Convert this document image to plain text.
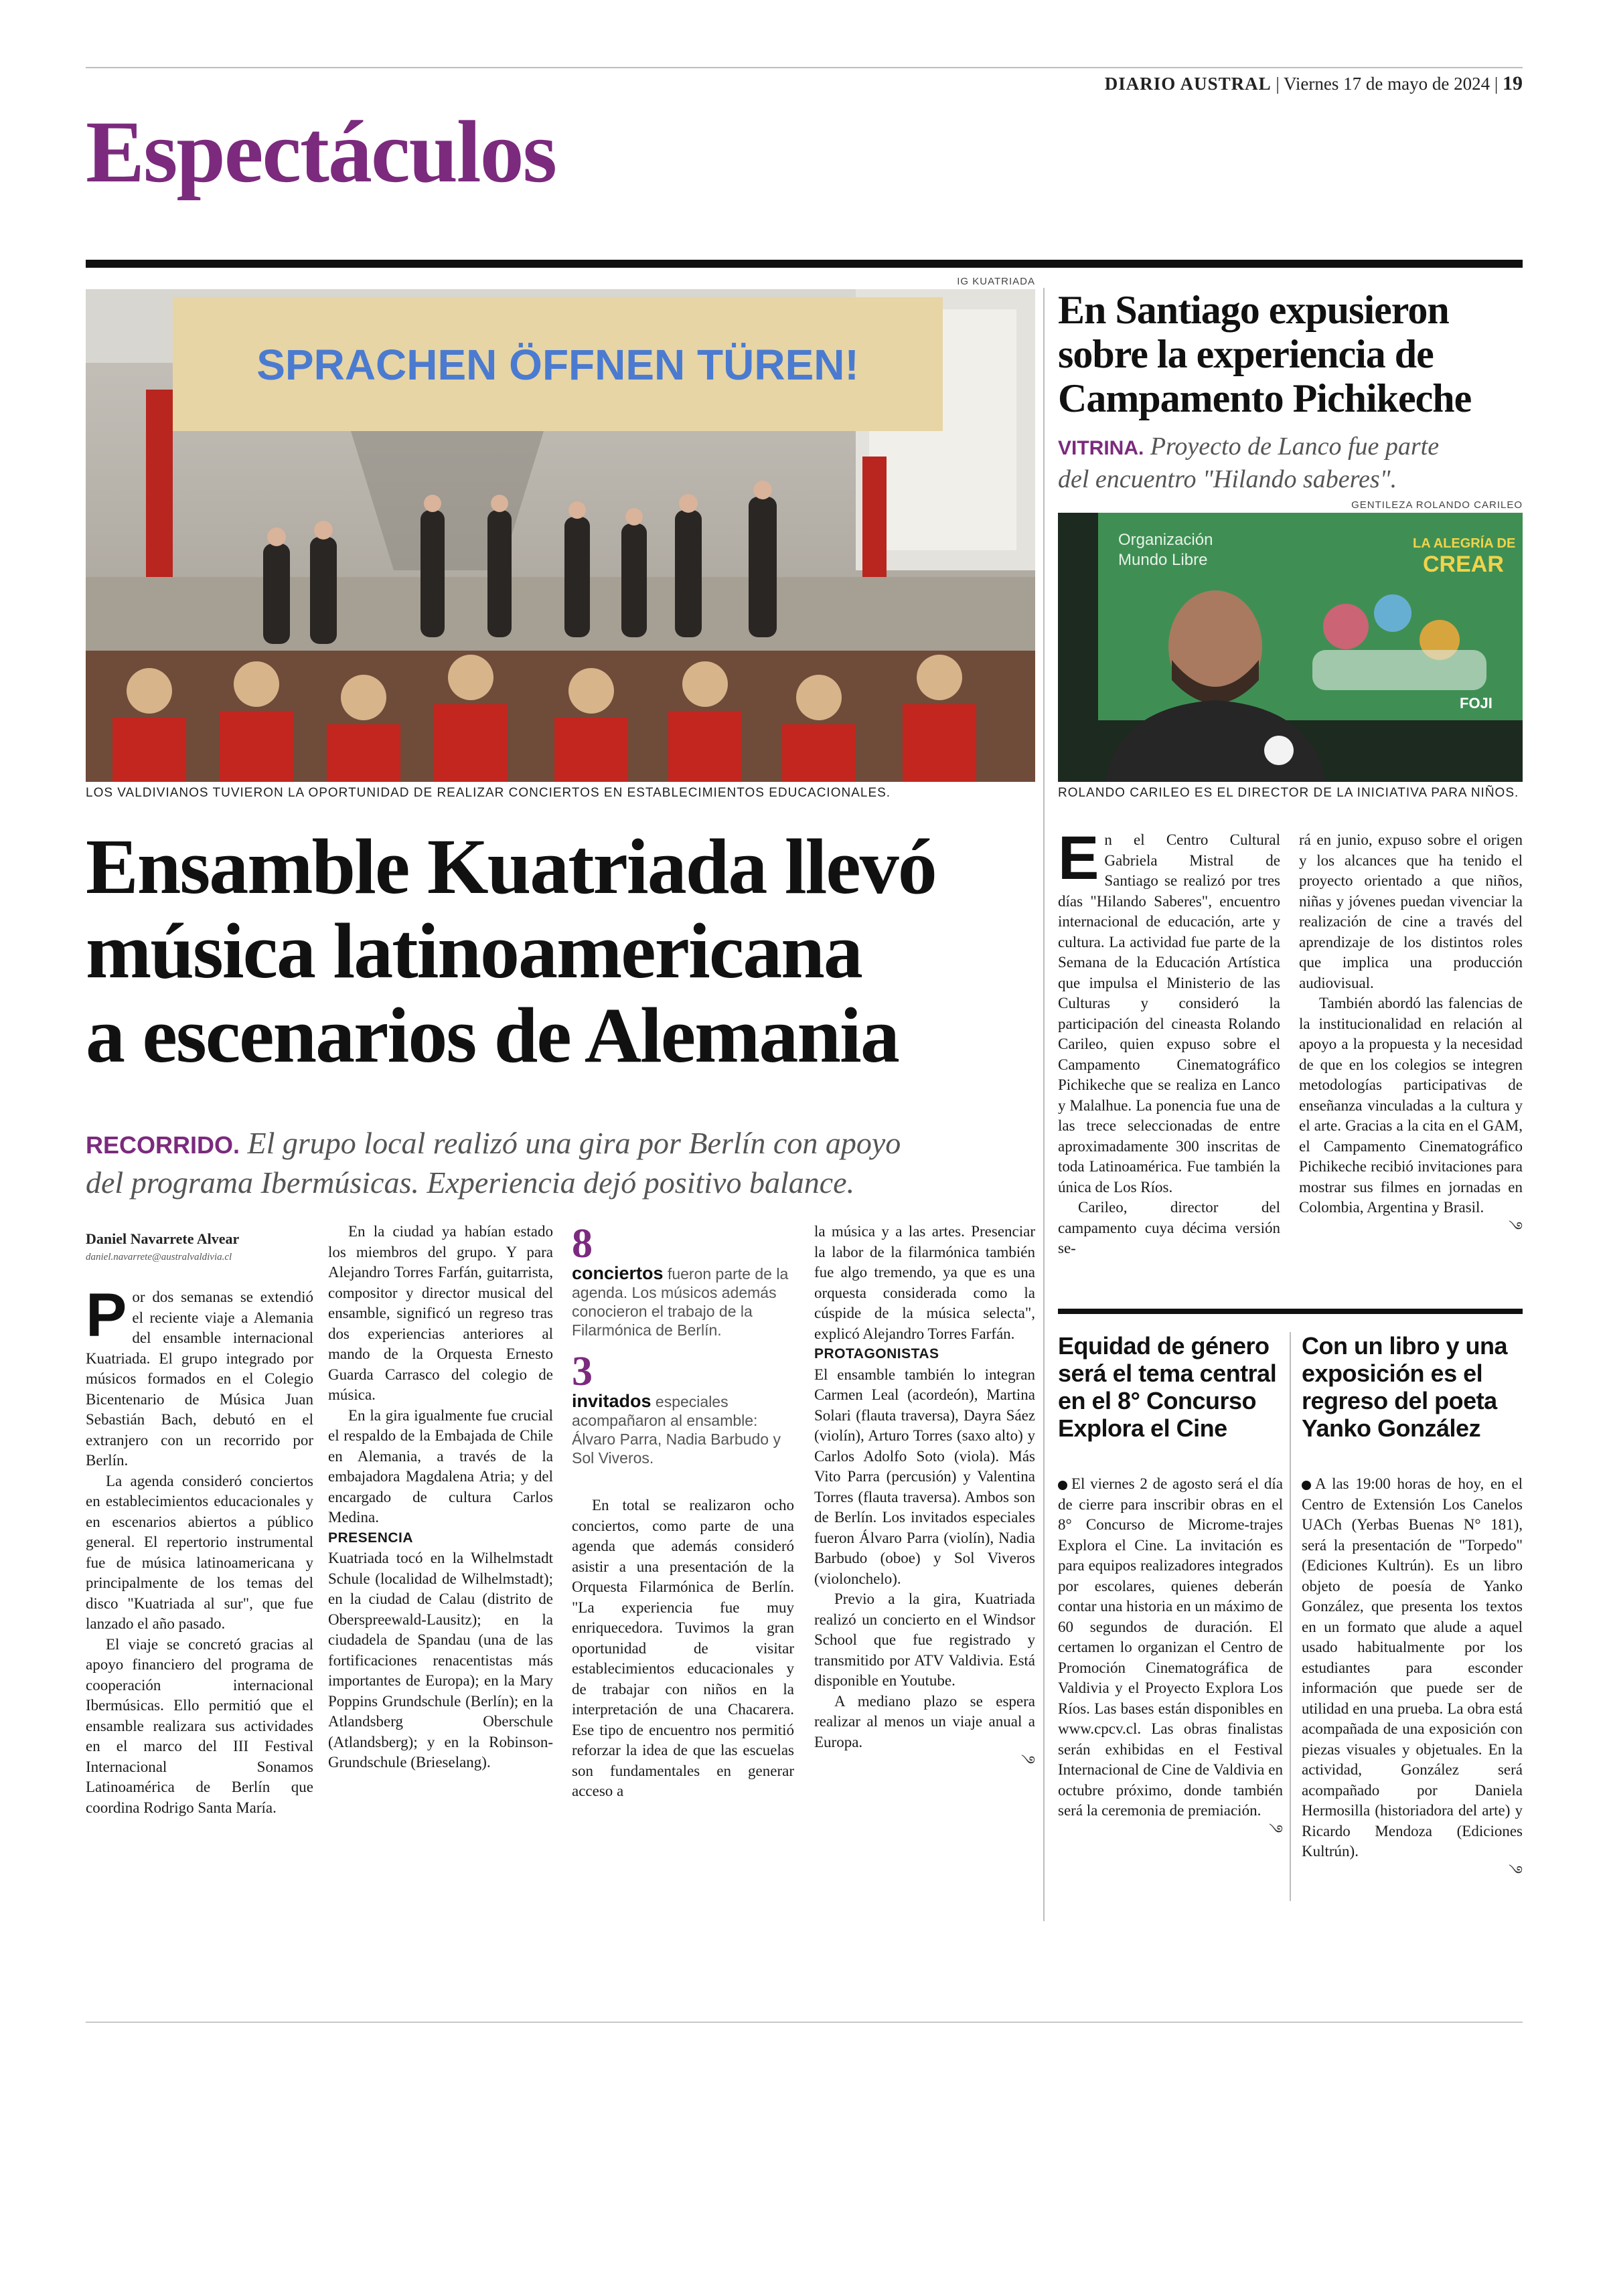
DIARIO AUSTRAL | Viernes 17 de mayo de 2024 | 19
Espectáculos
IG KUATRIADA
SPRACHEN ÖFFNEN TÜREN!
LOS VALDIVIANOS TUVIERON LA OPORTUNIDAD DE REALIZAR CONCIERTOS EN ESTABLECIMIENTOS EDUCACIONALES.
Ensamble Kuatriada llevó
música latinoamericana
a escenarios de Alemania
RECORRIDO. El grupo local realizó una gira por Berlín con apoyo
del programa Ibermúsicas. Experiencia dejó positivo balance.
Daniel Navarrete Alvear
daniel.navarrete@australvaldivia.cl

Por dos semanas se extendió el reciente viaje a Alemania del ensamble internacional Kuatriada. El grupo integrado por músicos formados en el Colegio Bicentenario de Música Juan Sebastián Bach, debutó en el extranjero con un recorrido por Berlín.

La agenda consideró conciertos en establecimientos educacionales y en escenarios abiertos a público general. El repertorio instrumental fue de música latinoamericana y principalmente de los temas del disco "Kuatriada al sur", que fue lanzado el año pasado.

El viaje se concretó gracias al apoyo financiero del programa de cooperación internacional Ibermúsicas. Ello permitió que el ensamble realizara sus actividades en el marco del III Festival Internacional Sonamos Latinoamérica de Berlín que coordina Rodrigo Santa María.

En la ciudad ya habían estado los miembros del grupo. Y para Alejandro Torres Farfán, guitarrista, compositor y director musical del ensamble, significó un regreso tras dos experiencias anteriores al mando de la Orquesta Ernesto Guarda Carrasco del colegio de música.

En la gira igualmente fue crucial el respaldo de la Embajada de Chile en Alemania, a través de la embajadora Magdalena Atria; y del encargado de cultura Carlos Medina.

PRESENCIA

Kuatriada tocó en la Wilhelmstadt Schule (localidad de Wilhelmstadt); en la ciudad de Calau (distrito de Oberspreewald-Lausitz); en la ciudadela de Spandau (una de las fortificaciones renacentistas más importantes de Europa); en la Mary Poppins Grundschule (Berlín); en la Atlandsberg Oberschule (Atlandsberg); y en la Robinson-Grundschule (Brieselang).

8
conciertos fueron parte de la agenda. Los músicos además conocieron el trabajo de la Filarmónica de Berlín.
3
invitados especiales acompañaron al ensamble: Álvaro Parra, Nadia Barbudo y Sol Viveros.

En total se realizaron ocho conciertos, como parte de una agenda que además consideró asistir a una presentación de la Orquesta Filarmónica de Berlín. "La experiencia fue muy enriquecedora. Tuvimos la gran oportunidad de visitar establecimientos educacionales y de trabajar con niños en la interpretación de una Chacarera. Ese tipo de encuentro nos permitió reforzar la idea de que las escuelas son fundamentales en generar acceso a

la música y a las artes. Presenciar la labor de la filarmónica también fue algo tremendo, ya que es una orquesta considerada como la cúspide de la música selecta", explicó Alejandro Torres Farfán.

PROTAGONISTAS

El ensamble también lo integran Carmen Leal (acordeón), Martina Solari (flauta traversa), Dayra Sáez (violín), Arturo Torres (saxo alto) y Carlos Adolfo Soto (viola). Más Vito Parra (percusión) y Valentina Torres (flauta traversa). Ambos son de Berlín. Los invitados especiales fueron Álvaro Parra (violín), Nadia Barbudo (oboe) y Sol Viveros (violonchelo).

Previo a la gira, Kuatriada realizó un concierto en el Windsor School que fue registrado y transmitido por ATV Valdivia. Está disponible en Youtube.

A mediano plazo se espera realizar al menos un viaje anual a Europa.

࿓
En Santiago expusieron
sobre la experiencia de
Campamento Pichikeche
VITRINA. Proyecto de Lanco fue parte
del encuentro "Hilando saberes".
GENTILEZA ROLANDO CARILEO
Organización
Mundo Libre
LA ALEGRÍA DE
CREAR
FOJI
ROLANDO CARILEO ES EL DIRECTOR DE LA INICIATIVA PARA NIÑOS.

En el Centro Cultural Gabriela Mistral de Santiago se realizó por tres días "Hilando Saberes", encuentro internacional de educación, arte y cultura. La actividad fue parte de la Semana de la Educación Artística que impulsa el Ministerio de las Culturas y consideró la participación del cineasta Rolando Carileo, quien expuso sobre el Campamento Cinematográfico Pichikeche que se realiza en Lanco y Malalhue. La ponencia fue una de las trece seleccionadas de entre aproximadamente 300 inscritas de toda Latinoamérica. Fue también la única de Los Ríos.

Carileo, director del campamento cuya décima versión se-

rá en junio, expuso sobre el origen y los alcances que ha tenido el proyecto orientado a que niños, niñas y jóvenes puedan vivenciar la realización de cine a través del aprendizaje de los distintos roles que implica una producción audiovisual.

También abordó las falencias de la institucionalidad en relación al apoyo a la propuesta y la necesidad de que en los colegios se integren metodologías participativas de enseñanza vinculadas a la cultura y el arte. Gracias a la cita en el GAM, el Campamento Cinematográfico Pichikeche recibió invitaciones para mostrar sus filmes en jornadas en Colombia, Argentina y Brasil.

࿓
Equidad de género
será el tema central
en el 8° Concurso
Explora el Cine

El viernes 2 de agosto será el día de cierre para inscribir obras en el 8° Concurso de Microme-trajes Explora el Cine. La invitación es para equipos realizadores integrados por escolares, quienes deberán contar una historia en un máximo de 60 segundos de duración. El certamen lo organizan el Centro de Promoción Cinematográfica de Valdivia y el Proyecto Explora Los Ríos. Las bases están disponibles en www.cpcv.cl. Las obras finalistas serán exhibidas en el Festival Internacional de Cine de Valdivia en octubre próximo, donde también será la ceremonia de premiación.

࿓
Con un libro y una
exposición es el
regreso del poeta
Yanko González

A las 19:00 horas de hoy, en el Centro de Extensión Los Canelos UACh (Yerbas Buenas N° 181), será la presentación de "Torpedo" (Ediciones Kultrún). Es un libro objeto de poesía de Yanko González, que presenta los textos en un formato que alude a aquel usado habitualmente por los estudiantes para esconder información que puede ser de utilidad en una prueba. La obra está acompañada de una exposición con piezas visuales y objetuales. En la actividad, González será acompañado por Daniela Hermosilla (historiadora del arte) y Ricardo Mendoza (Ediciones Kultrún).

࿓
